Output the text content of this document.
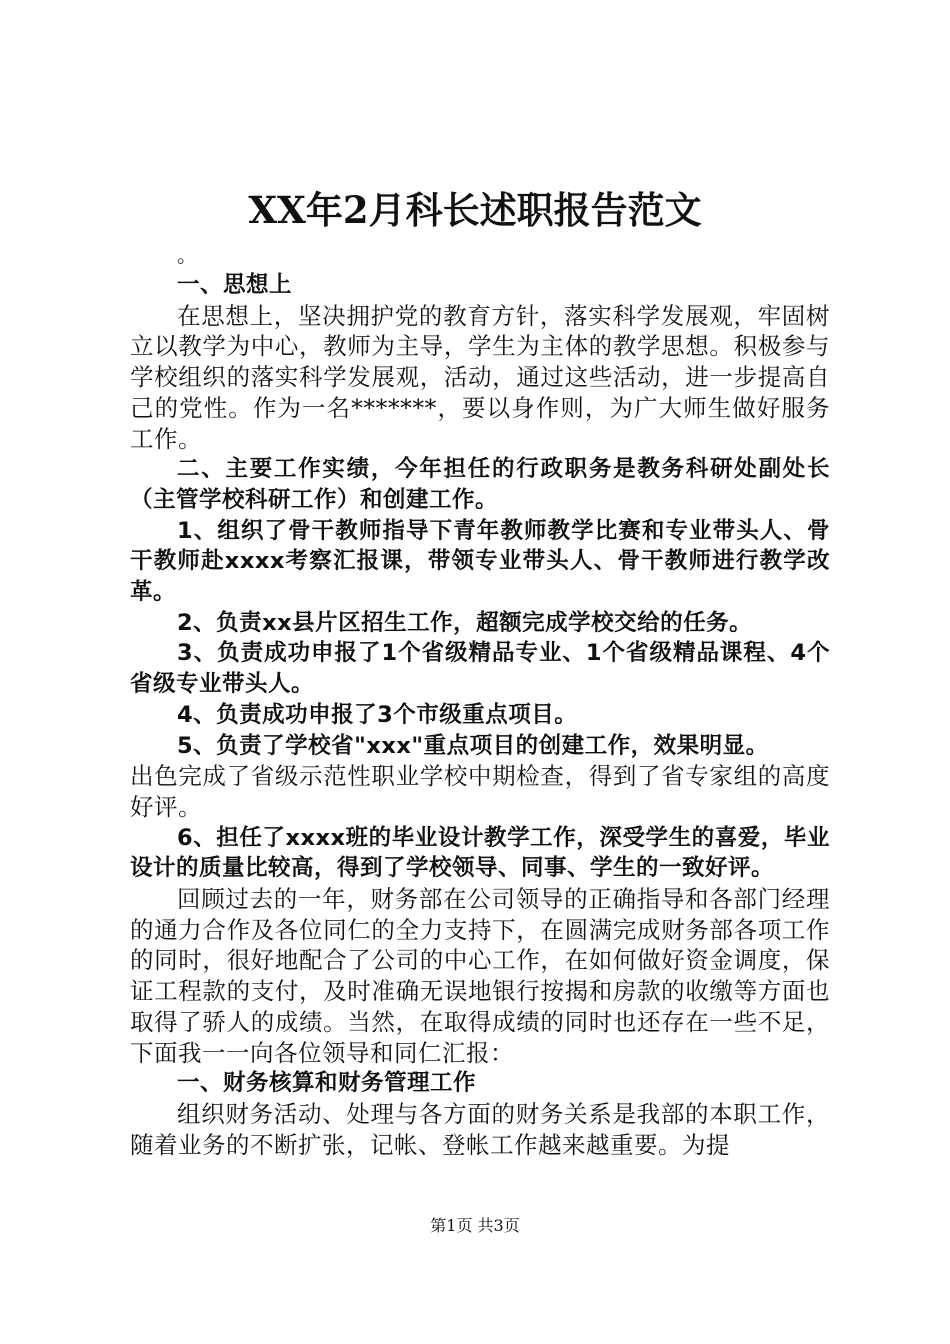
XX年2月科长述职报告范文

。

一、思想上

在思想上，坚决拥护党的教育方针，落实科学发展观，牢固树立以教学为中心，教师为主导，学生为主体的教学思想。积极参与学校组织的落实科学发展观，活动，通过这些活动，进一步提高自己的党性。作为一名*******，要以身作则，为广大师生做好服务工作。

二、主要工作实绩，今年担任的行政职务是教务科研处副处长（主管学校科研工作）和创建工作。

1、组织了骨干教师指导下青年教师教学比赛和专业带头人、骨干教师赴xxxx考察汇报课，带领专业带头人、骨干教师进行教学改革。

2、负责xx县片区招生工作，超额完成学校交给的任务。

3、负责成功申报了1个省级精品专业、1个省级精品课程、4个省级专业带头人。

4、负责成功申报了3个市级重点项目。

5、负责了学校省"xxx"重点项目的创建工作，效果明显。

出色完成了省级示范性职业学校中期检查，得到了省专家组的高度好评。

6、担任了xxxx班的毕业设计教学工作，深受学生的喜爱，毕业设计的质量比较高，得到了学校领导、同事、学生的一致好评。

回顾过去的一年，财务部在公司领导的正确指导和各部门经理的通力合作及各位同仁的全力支持下，在圆满完成财务部各项工作的同时，很好地配合了公司的中心工作，在如何做好资金调度，保证工程款的支付，及时准确无误地银行按揭和房款的收缴等方面也取得了骄人的成绩。当然，在取得成绩的同时也还存在一些不足，下面我一一向各位领导和同仁汇报：

一、财务核算和财务管理工作

组织财务活动、处理与各方面的财务关系是我部的本职工作，随着业务的不断扩张，记帐、登帐工作越来越重要。为提

第1页 共3页
